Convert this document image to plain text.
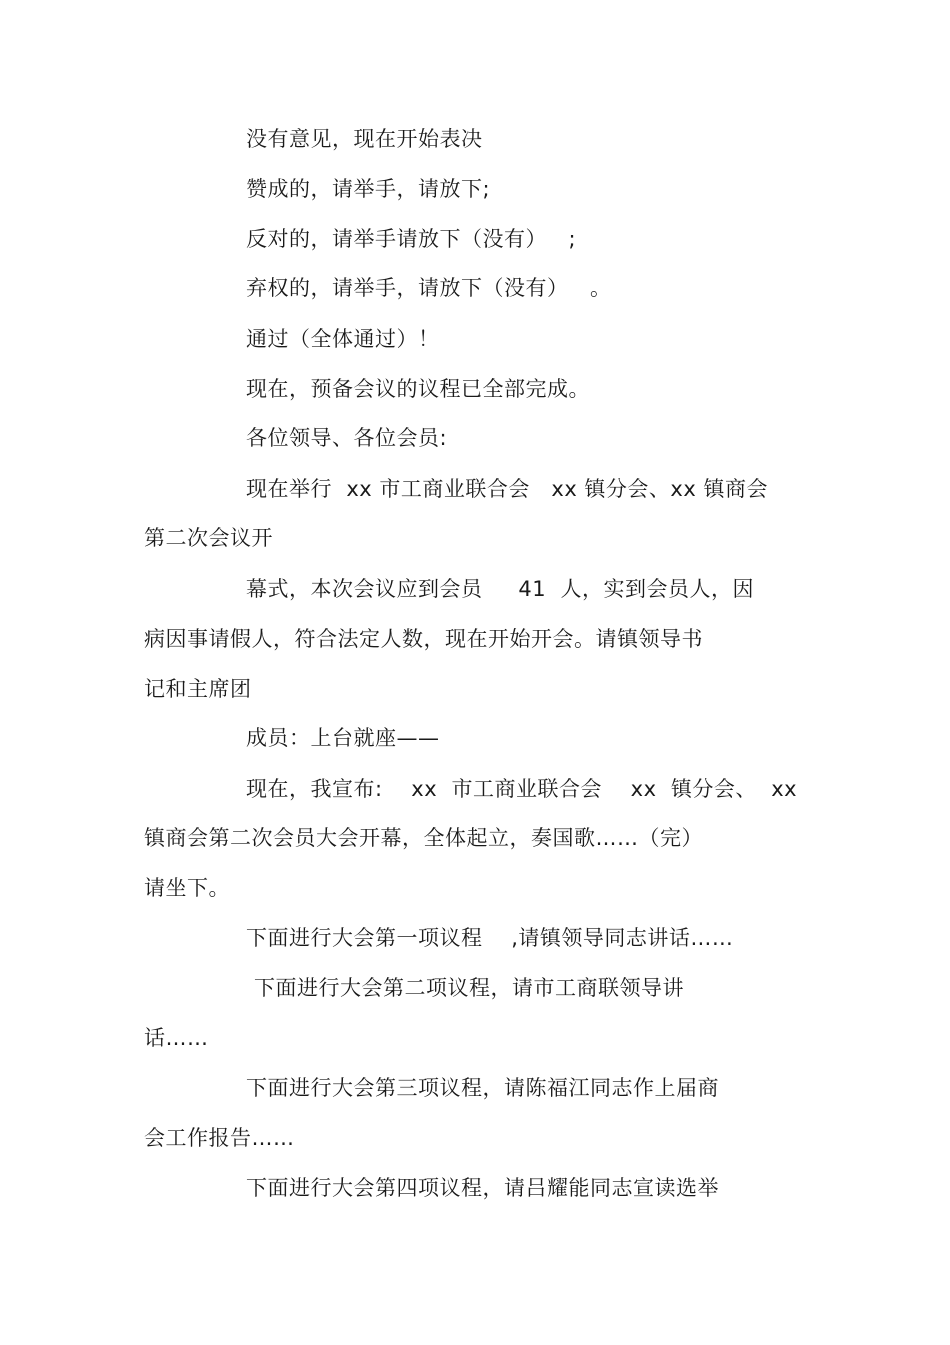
没有意见，现在开始表决
赞成的，请举手，请放下;
反对的，请举手请放下（没有）   ;
弃权的，请举手，请放下（没有）   。
通过（全体通过）！
现在，预备会议的议程已全部完成。
各位领导、各位会员:
现在举行  xx 市工商业联合会   xx 镇分会、xx 镇商会
第二次会议开
幕式，本次会议应到会员     41  人，实到会员人，因
病因事请假人，符合法定人数，现在开始开会。请镇领导书
记和主席团
成员：上台就座——
现在，我宣布:    xx  市工商业联合会    xx  镇分会、  xx
镇商会第二次会员大会开幕，全体起立，奏国歌……（完）
请坐下。
下面进行大会第一项议程    ,请镇领导同志讲话……
下面进行大会第二项议程，请市工商联领导讲
话……
下面进行大会第三项议程，请陈福江同志作上届商
会工作报告……
下面进行大会第四项议程，请吕耀能同志宣读选举
